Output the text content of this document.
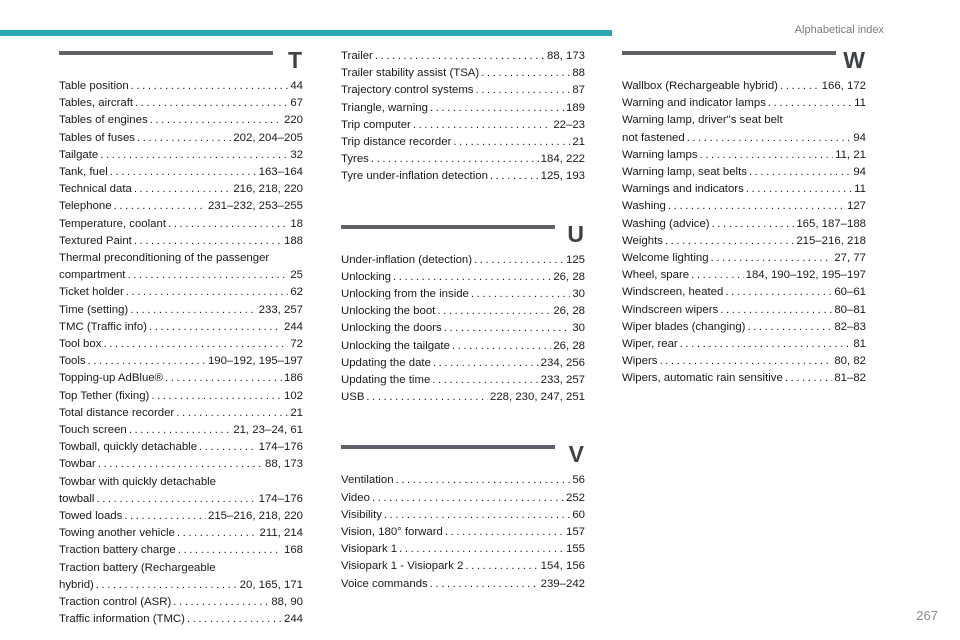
Alphabetical index
T
Table position . . .	44
Tables, aircraft . . .	67
Tables of engines . . .	220
Tables of fuses . . .	202, 204–205
Tailgate . . .	32
Tank, fuel . . .	163–164
Technical data . . .	216, 218, 220
Telephone . . .	231–232, 253–255
Temperature, coolant . . .	18
Textured Paint . . .	188
Thermal preconditioning of the passenger
compartment . . .	25
Ticket holder . . .	62
Time (setting) . . .	233, 257
TMC (Traffic info) . . .	244
Tool box . . .	72
Tools . . .	190–192, 195–197
Topping-up AdBlue® . . .	186
Top Tether (fixing) . . .	102
Total distance recorder . . .	21
Touch screen . . .	21, 23–24, 61
Towball, quickly detachable . . .	174–176
Towbar . . .	88, 173
Towbar with quickly detachable
towball . . .	174–176
Towed loads . . .	215–216, 218, 220
Towing another vehicle . . .	211, 214
Traction battery charge . . .	168
Traction battery (Rechargeable
hybrid) . . .	20, 165, 171
Traction control (ASR) . . .	88, 90
Traffic information (TMC) . . .	244
Trailer . . .	88, 173
Trailer stability assist (TSA) . . .	88
Trajectory control systems . . .	87
Triangle, warning . . .	189
Trip computer . . .	22–23
Trip distance recorder . . .	21
Tyres . . .	184, 222
Tyre under-inflation detection . . .	125, 193
U
Under-inflation (detection) . . .	125
Unlocking . . .	26, 28
Unlocking from the inside . . .	30
Unlocking the boot . . .	26, 28
Unlocking the doors . . .	30
Unlocking the tailgate . . .	26, 28
Updating the date . . .	234, 256
Updating the time . . .	233, 257
USB . . .	228, 230, 247, 251
V
Ventilation . . .	56
Video . . .	252
Visibility . . .	60
Vision, 180° forward . . .	157
Visiopark 1 . . .	155
Visiopark 1 - Visiopark 2 . . .	154, 156
Voice commands . . .	239–242
W
Wallbox (Rechargeable hybrid) . . .	166, 172
Warning and indicator lamps . . .	11
Warning lamp, driver"s seat belt
not fastened . . .	94
Warning lamps . . .	11, 21
Warning lamp, seat belts . . .	94
Warnings and indicators . . .	11
Washing . . .	127
Washing (advice) . . .	165, 187–188
Weights . . .	215–216, 218
Welcome lighting . . .	27, 77
Wheel, spare . . .	184, 190–192, 195–197
Windscreen, heated . . .	60–61
Windscreen wipers . . .	80–81
Wiper blades (changing) . . .	82–83
Wiper, rear . . .	81
Wipers . . .	80, 82
Wipers, automatic rain sensitive . . .	81–82
267
